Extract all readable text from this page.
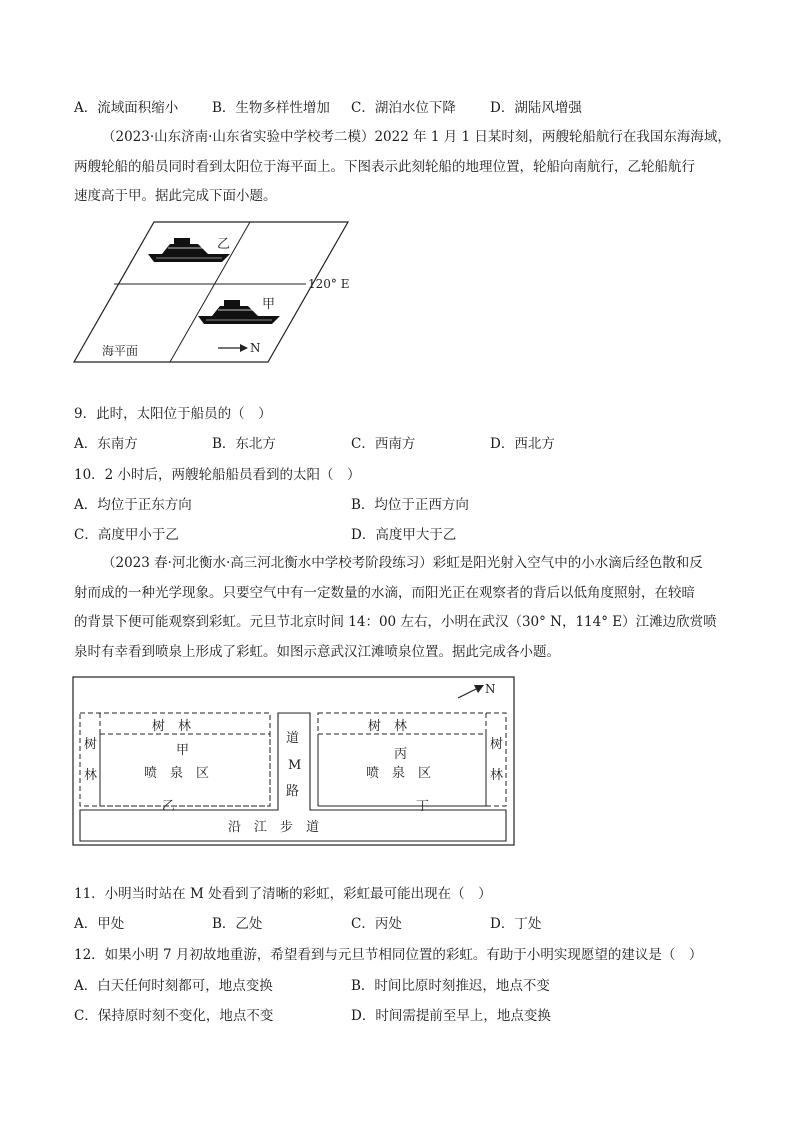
A．流域面积缩小	B．生物多样性增加 C．湖泊水位下降	D．湖陆风增强
（2023·山东济南·山东省实验中学校考二模）2022 年 1 月 1 日某时刻，两艘轮船航行在我国东海海域，
两艘轮船的船员同时看到太阳位于海平面上。下图表示此刻轮船的地理位置，轮船向南航行，乙轮船航行
速度高于甲。据此完成下面小题。
乙
甲
120° E
海平面	N
9．此时，太阳位于船员的（　）
A．东南方	B．东北方	C．西南方	D．西北方
10．2 小时后，两艘轮船船员看到的太阳（　）
A．均位于正东方向	B．均位于正西方向
C．高度甲小于乙	D．高度甲大于乙
（2023 春·河北衡水·高三河北衡水中学校考阶段练习）彩虹是阳光射入空气中的小水滴后经色散和反
射而成的一种光学现象。只要空气中有一定数量的水滴，而阳光正在观察者的背后以低角度照射，在较暗
的背景下便可能观察到彩虹。元旦节北京时间 14：00 左右，小明在武汉（30° N，114° E）江滩边欣赏喷
泉时有幸看到喷泉上形成了彩虹。如图示意武汉江滩喷泉位置。据此完成各小题。
N
树　林	树　林
树
林
树
林
甲	丙
喷　泉　区	喷　泉　区
乙	丁
道
M
路
沿　江　步　道
11．小明当时站在 M 处看到了清晰的彩虹，彩虹最可能出现在（　）
A．甲处	B．乙处	C．丙处	D．丁处
12．如果小明 7 月初故地重游，希望看到与元旦节相同位置的彩虹。有助于小明实现愿望的建议是（　）
A．白天任何时刻都可，地点变换	B．时间比原时刻推迟，地点不变
C．保持原时刻不变化，地点不变	D．时间需提前至早上，地点变换
